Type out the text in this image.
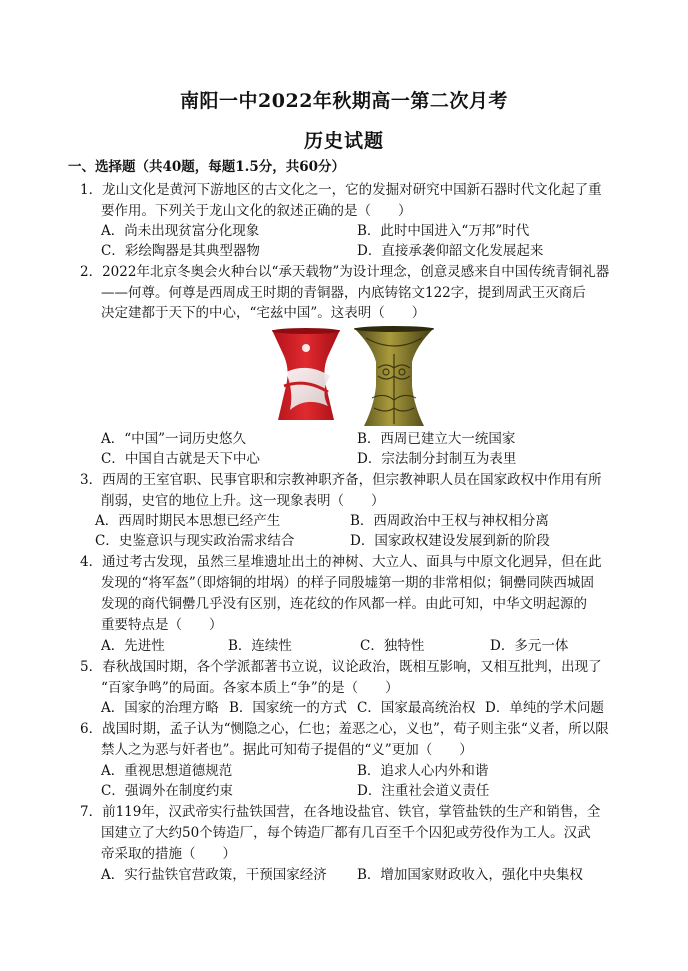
南阳一中2022年秋期高一第二次月考
历史试题
一、选择题（共40题，每题1.5分，共60分）
1．龙山文化是黄河下游地区的古文化之一，它的发掘对研究中国新石器时代文化起了重
要作用。下列关于龙山文化的叙述正确的是（　　）
A．尚未出现贫富分化现象	B．此时中国进入“万邦”时代
C．彩绘陶器是其典型器物	D．直接承袭仰韶文化发展起来
2．2022年北京冬奥会火种台以“承天载物”为设计理念，创意灵感来自中国传统青铜礼器
——何尊。何尊是西周成王时期的青铜器，内底铸铭文122字，提到周武王灭商后
决定建都于天下的中心，“宅兹中国”。这表明（　　）
A．“中国”一词历史悠久	B．西周已建立大一统国家
C．中国自古就是天下中心	D．宗法制分封制互为表里
3．西周的王室官职、民事官职和宗教神职齐备，但宗教神职人员在国家政权中作用有所
削弱，史官的地位上升。这一现象表明（　　）
A．西周时期民本思想已经产生	B．西周政治中王权与神权相分离
C．史鉴意识与现实政治需求结合	D．国家政权建设发展到新的阶段
4．通过考古发现，虽然三星堆遗址出土的神树、大立人、面具与中原文化迥异，但在此
发现的“将军盔”（即熔铜的坩埚）的样子同殷墟第一期的非常相似；铜罍同陕西城固
发现的商代铜罍几乎没有区别，连花纹的作风都一样。由此可知，中华文明起源的
重要特点是（　　）
A．先进性	B．连续性	C．独特性	D．多元一体
5．春秋战国时期，各个学派都著书立说，议论政治，既相互影响，又相互批判，出现了
“百家争鸣”的局面。各家本质上“争”的是（　　）
A．国家的治理方略 B．国家统一的方式 C．国家最高统治权 D．单纯的学术问题
6．战国时期，孟子认为“恻隐之心，仁也；羞恶之心，义也”，荀子则主张“义者，所以限
禁人之为恶与奸者也”。据此可知荀子提倡的“义”更加（　　）
A．重视思想道德规范	B．追求人心内外和谐
C．强调外在制度约束	D．注重社会道义责任
7．前119年，汉武帝实行盐铁国营，在各地设盐官、铁官，掌管盐铁的生产和销售，全
国建立了大约50个铸造厂，每个铸造厂都有几百至千个囚犯或劳役作为工人。汉武
帝采取的措施（　　）
A．实行盐铁官营政策，干预国家经济 B．增加国家财政收入，强化中央集权
